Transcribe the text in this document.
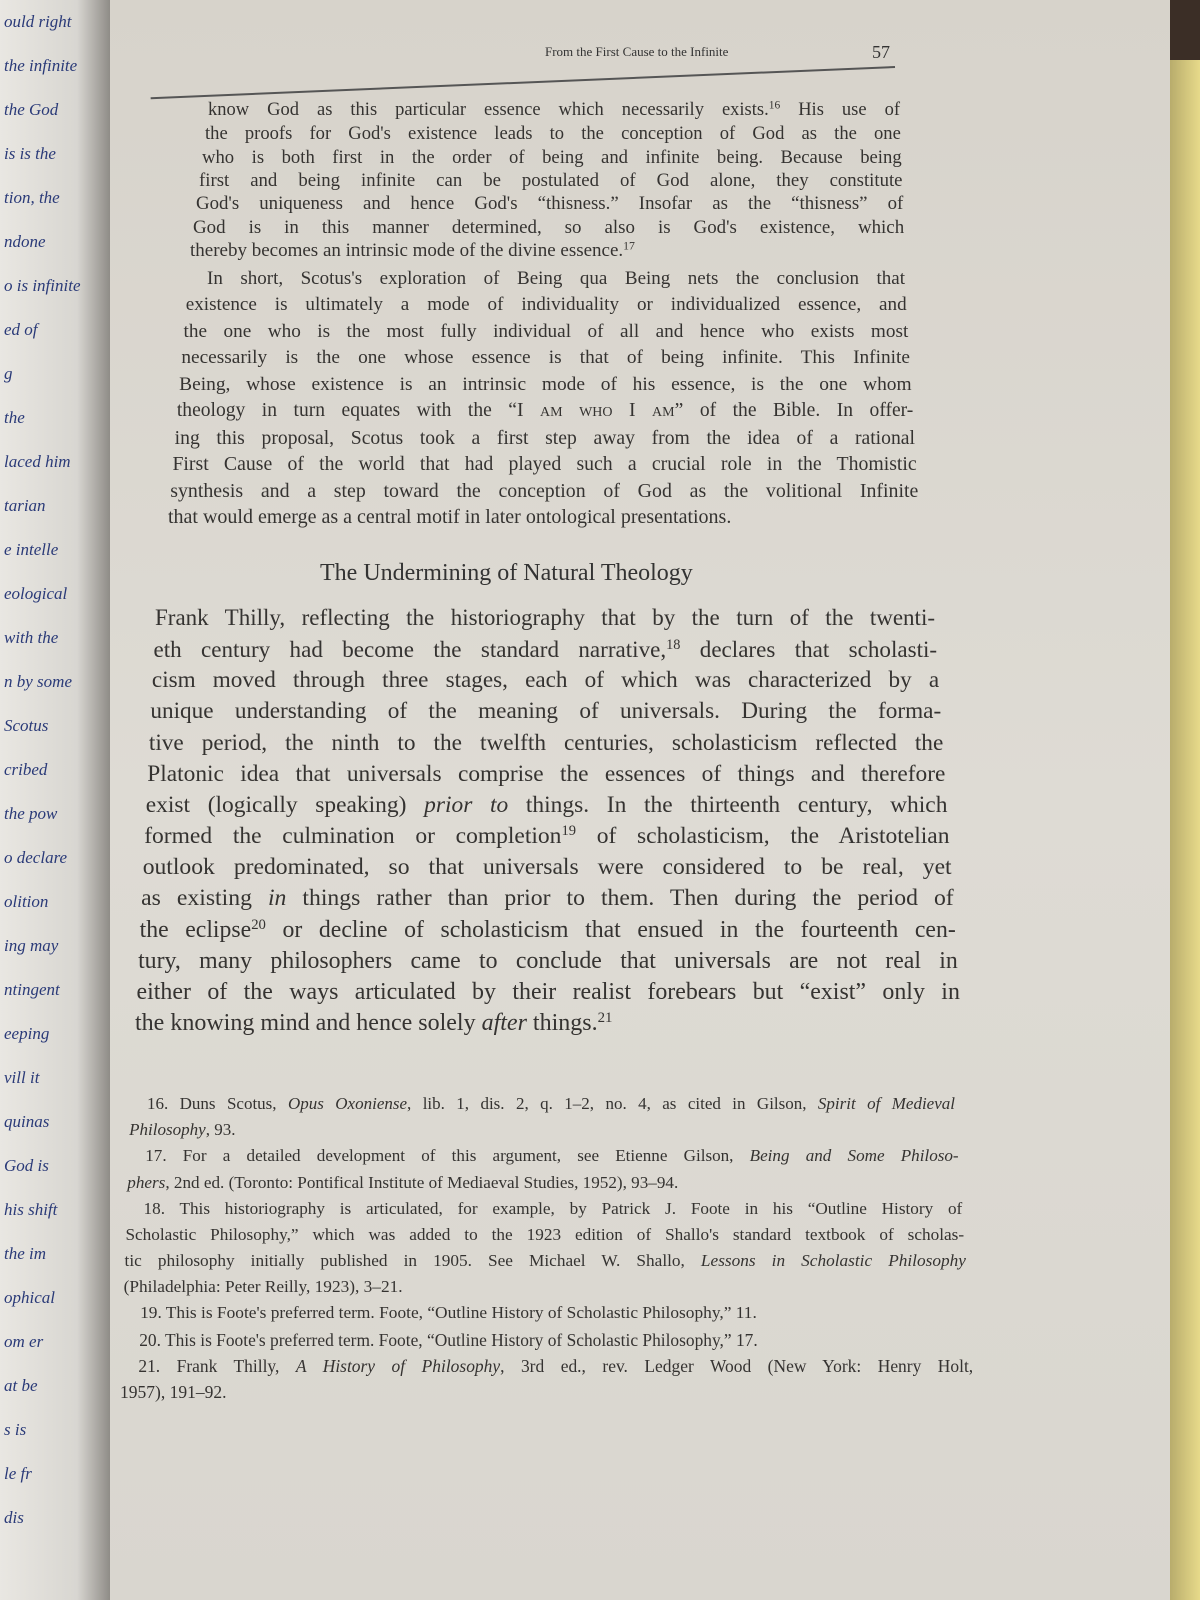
ould right
the infinite
the God
is is the
tion, the
ndone
o is infinite
ed of
g
the
laced him
tarian
e intelle
eological
with the
n by some
Scotus
cribed
the pow
o declare
olition
ing may
ntingent
eeping
vill it
quinas
God is
his shift
the im
ophical
om er
at be
s is
le fr
dis
From the First Cause to the Infinite	57
The Undermining of Natural Theology
know God as this particular essence which necessarily exists.$^{16}$ His use of
the proofs for God's existence leads to the conception of God as the one
who is both first in the order of being and infinite being. Because being
first and being infinite can be postulated of God alone, they constitute
God's uniqueness and hence God's “thisness.” Insofar as the “thisness” of
God is in this manner determined, so also is God's existence, which
thereby becomes an intrinsic mode of the divine essence.$^{17}$
 In short, Scotus's exploration of Being qua Being nets the conclusion that
existence is ultimately a mode of individuality or individualized essence, and
the one who is the most fully individual of all and hence who exists most
necessarily is the one whose essence is that of being infinite. This Infinite
Being, whose existence is an intrinsic mode of his essence, is the one whom
theology in turn equates with the “I am who I am” of the Bible. In offer-
ing this proposal, Scotus took a first step away from the idea of a rational
First Cause of the world that had played such a crucial role in the Thomistic
synthesis and a step toward the conception of God as the volitional Infinite
that would emerge as a central motif in later ontological presentations.
Frank Thilly, reflecting the historiography that by the turn of the twenti-
eth century had become the standard narrative,$^{18}$ declares that scholasti-
cism moved through three stages, each of which was characterized by a
unique understanding of the meaning of universals. During the forma-
tive period, the ninth to the twelfth centuries, scholasticism reflected the
Platonic idea that universals comprise the essences of things and therefore
exist (logically speaking) prior to things. In the thirteenth century, which
formed the culmination or completion$^{19}$ of scholasticism, the Aristotelian
outlook predominated, so that universals were considered to be real, yet
as existing in things rather than prior to them. Then during the period of
the eclipse$^{20}$ or decline of scholasticism that ensued in the fourteenth cen-
tury, many philosophers came to conclude that universals are not real in
either of the ways articulated by their realist forebears but “exist” only in
the knowing mind and hence solely after things.$^{21}$
 16. Duns Scotus, Opus Oxoniense, lib. 1, dis. 2, q. 1–2, no. 4, as cited in Gilson, Spirit of Medieval
Philosophy, 93.
 17. For a detailed development of this argument, see Etienne Gilson, Being and Some Philoso-
phers, 2nd ed. (Toronto: Pontifical Institute of Mediaeval Studies, 1952), 93–94.
 18. This historiography is articulated, for example, by Patrick J. Foote in his “Outline History of
Scholastic Philosophy,” which was added to the 1923 edition of Shallo's standard textbook of scholas-
tic philosophy initially published in 1905. See Michael W. Shallo, Lessons in Scholastic Philosophy
(Philadelphia: Peter Reilly, 1923), 3–21.
 19. This is Foote's preferred term. Foote, “Outline History of Scholastic Philosophy,” 11.
 20. This is Foote's preferred term. Foote, “Outline History of Scholastic Philosophy,” 17.
 21. Frank Thilly, A History of Philosophy, 3rd ed., rev. Ledger Wood (New York: Henry Holt,
1957), 191–92.
